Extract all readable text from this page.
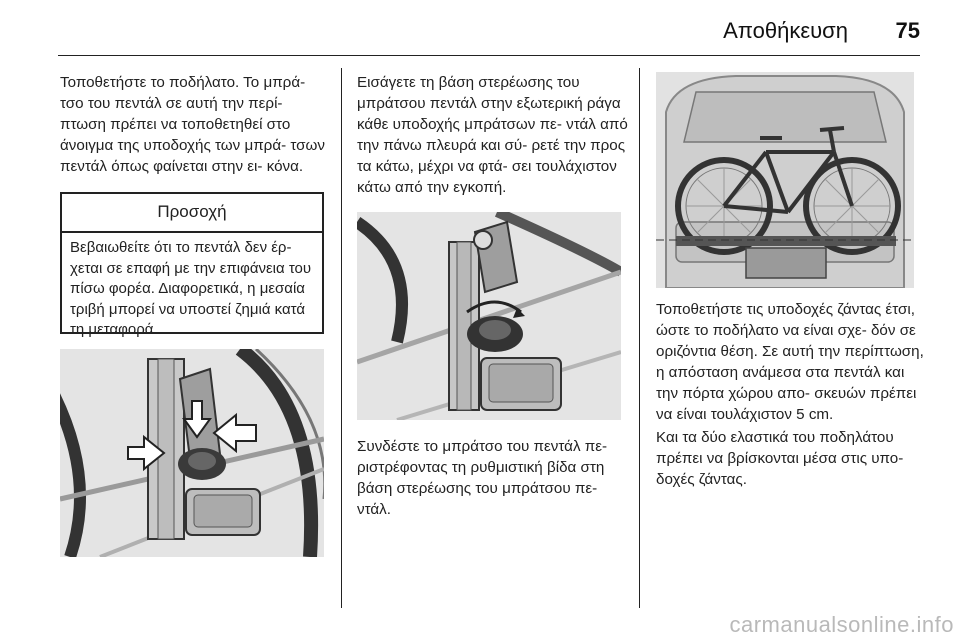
Αποθήκευση 75

Τοποθετήστε το ποδήλατο. Το μπρά- τσο του πεντάλ σε αυτή την περί- πτωση πρέπει να τοποθετηθεί στο άνοιγμα της υποδοχής των μπρά- τσων πεντάλ όπως φαίνεται στην ει- κόνα.

Προσοχή
Βεβαιωθείτε ότι το πεντάλ δεν έρ- χεται σε επαφή με την επιφάνεια του πίσω φορέα. Διαφορετικά, η μεσαία τριβή μπορεί να υποστεί ζημιά κατά τη μεταφορά.

Εισάγετε τη βάση στερέωσης του μπράτσου πεντάλ στην εξωτερική ράγα κάθε υποδοχής μπράτσων πε- ντάλ από την πάνω πλευρά και σύ- ρετέ την προς τα κάτω, μέχρι να φτά- σει τουλάχιστον κάτω από την εγκοπή.

Συνδέστε το μπράτσο του πεντάλ πε- ριστρέφοντας τη ρυθμιστική βίδα στη βάση στερέωσης του μπράτσου πε- ντάλ.

Τοποθετήστε τις υποδοχές ζάντας έτσι, ώστε το ποδήλατο να είναι σχε- δόν σε οριζόντια θέση. Σε αυτή την περίπτωση, η απόσταση ανάμεσα στα πεντάλ και την πόρτα χώρου απο- σκευών πρέπει να είναι τουλάχιστον 5 cm.

Και τα δύο ελαστικά του ποδηλάτου πρέπει να βρίσκονται μέσα στις υπο- δοχές ζάντας.

carmanualsonline.info
